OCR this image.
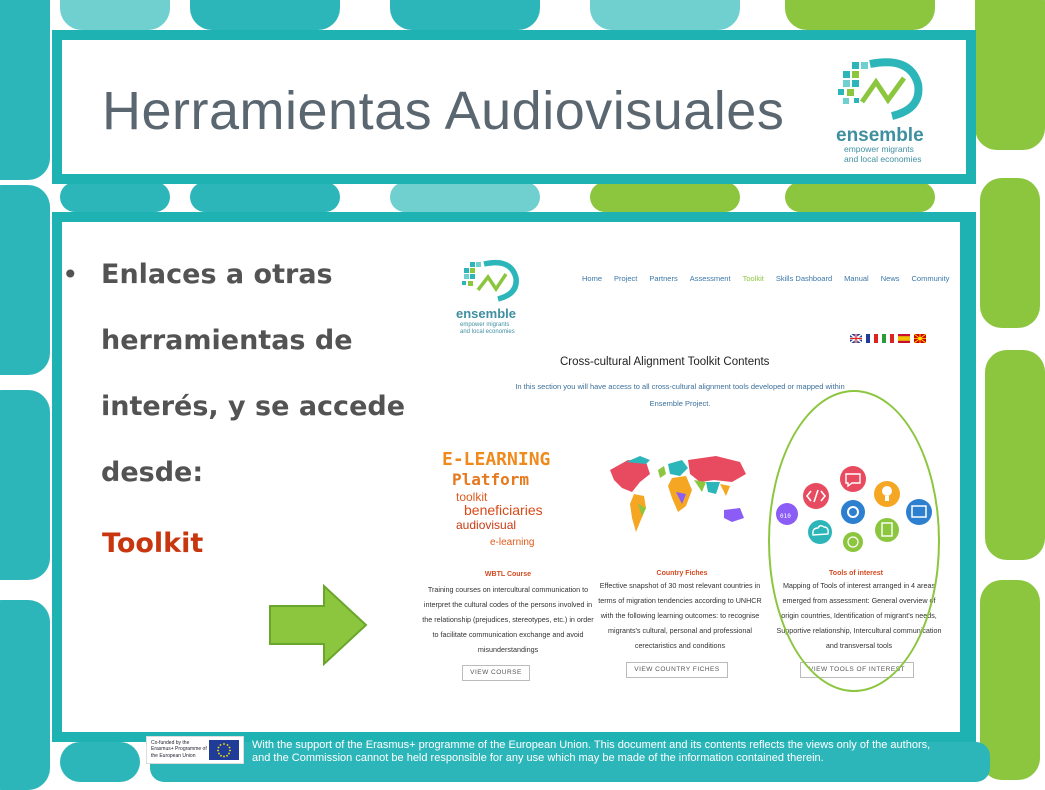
Herramientas Audiovisuales	ensemble
empower migrants
and local economies
• Enlaces a otras herramientas de interés, y se accede desde:
Toolkit
ensemble
empower migrants
and local economies
Home Project Partners Assessment Toolkit Skills Dashboard Manual News Community
Cross-cultural Alignment Toolkit Contents
In this section you will have access to all cross-cultural alignment tools developed or mapped within Ensemble Project.
E-LEARNING
Platform
toolkit
beneficiaries
audiovisual
e-learning
WBTL Course
Training courses on intercultural communication to interpret the cultural codes of the persons involved in the relationship (prejudices, stereotypes, etc.) in order to facilitate communication exchange and avoid misunderstandings
VIEW COURSE
Country Fiches
Effective snapshot of 30 most relevant countries in terms of migration tendencies according to UNHCR with the following learning outcomes: to recognise migrants's cultural, personal and professional cerectaristics and conditions
VIEW COUNTRY FICHES
010
Tools of interest
Mapping of Tools of interest arranged in 4 areas emerged from assessment: General overview of origin countries, Identification of migrant's needs, Supportive relationship, Intercultural communication and transversal tools
VIEW TOOLS OF INTEREST
Co-funded by the Erasmus+ Programme of the European Union
With the support of the Erasmus+ programme of the European Union. This document and its contents reflects the views only of the authors, and the Commission cannot be held responsible for any use which may be made of the information contained therein.
